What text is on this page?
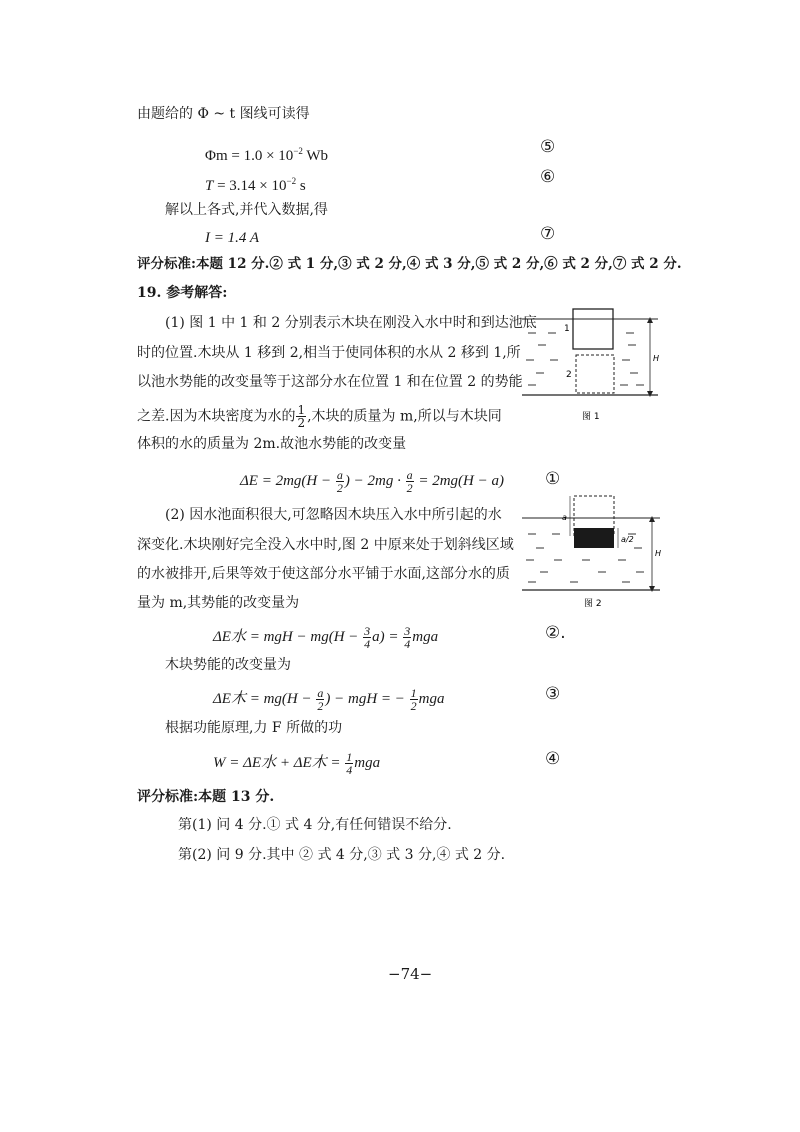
由题给的 Φ ~ t 图线可读得
$\Phi m = 1.0 \times 10^{-2}$ Wb	⑤
$T = 3.14 \times 10^{-2}$ s	⑥
解以上各式,并代入数据,得
I = 1.4 A	⑦
评分标准:本题 12 分.② 式 1 分,③ 式 2 分,④ 式 3 分,⑤ 式 2 分,⑥ 式 2 分,⑦ 式 2 分.
19. 参考解答:
(1) 图 1 中 1 和 2 分别表示木块在刚没入水中时和到达池底
时的位置.木块从 1 移到 2,相当于使同体积的水从 2 移到 1,所
以池水势能的改变量等于这部分水在位置 1 和在位置 2 的势能
之差.因为木块密度为水的 $\frac{1}{2}$ ,木块的质量为 m,所以与木块同
体积的水的质量为 2m.故池水势能的改变量
$\Delta E = 2mg(H - \frac{a}{2}$ ) − $2mg \cdot \frac{a}{2} = 2mg(H - a)$ ①
(2) 因水池面积很大,可忽略因木块压入水中所引起的水
深变化.木块刚好完全没入水中时,图 2 中原来处于划斜线区域
的水被排开,后果等效于使这部分水平铺于水面,这部分水的质
量为 m,其势能的改变量为
ΔE水 = mgH − $mg(H - \frac{3}{4} a) = \frac{3}{4}$ mga	②.
木块势能的改变量为
ΔE木 = $mg(H - \frac{a}{2}$ ) − mgH = − $\frac{1}{2}$ mga	③
根据功能原理,力 F 所做的功
W = ΔE水 + ΔE木 = $\frac{1}{4}$ mga	④
评分标准:本题 13 分.
第(1) 问 4 分.① 式 4 分,有任何错误不给分.
第(2) 问 9 分.其中 ② 式 4 分,③ 式 3 分,④ 式 2 分.
−74−
1
2
H
图 1
a
a/2
H
图 2
